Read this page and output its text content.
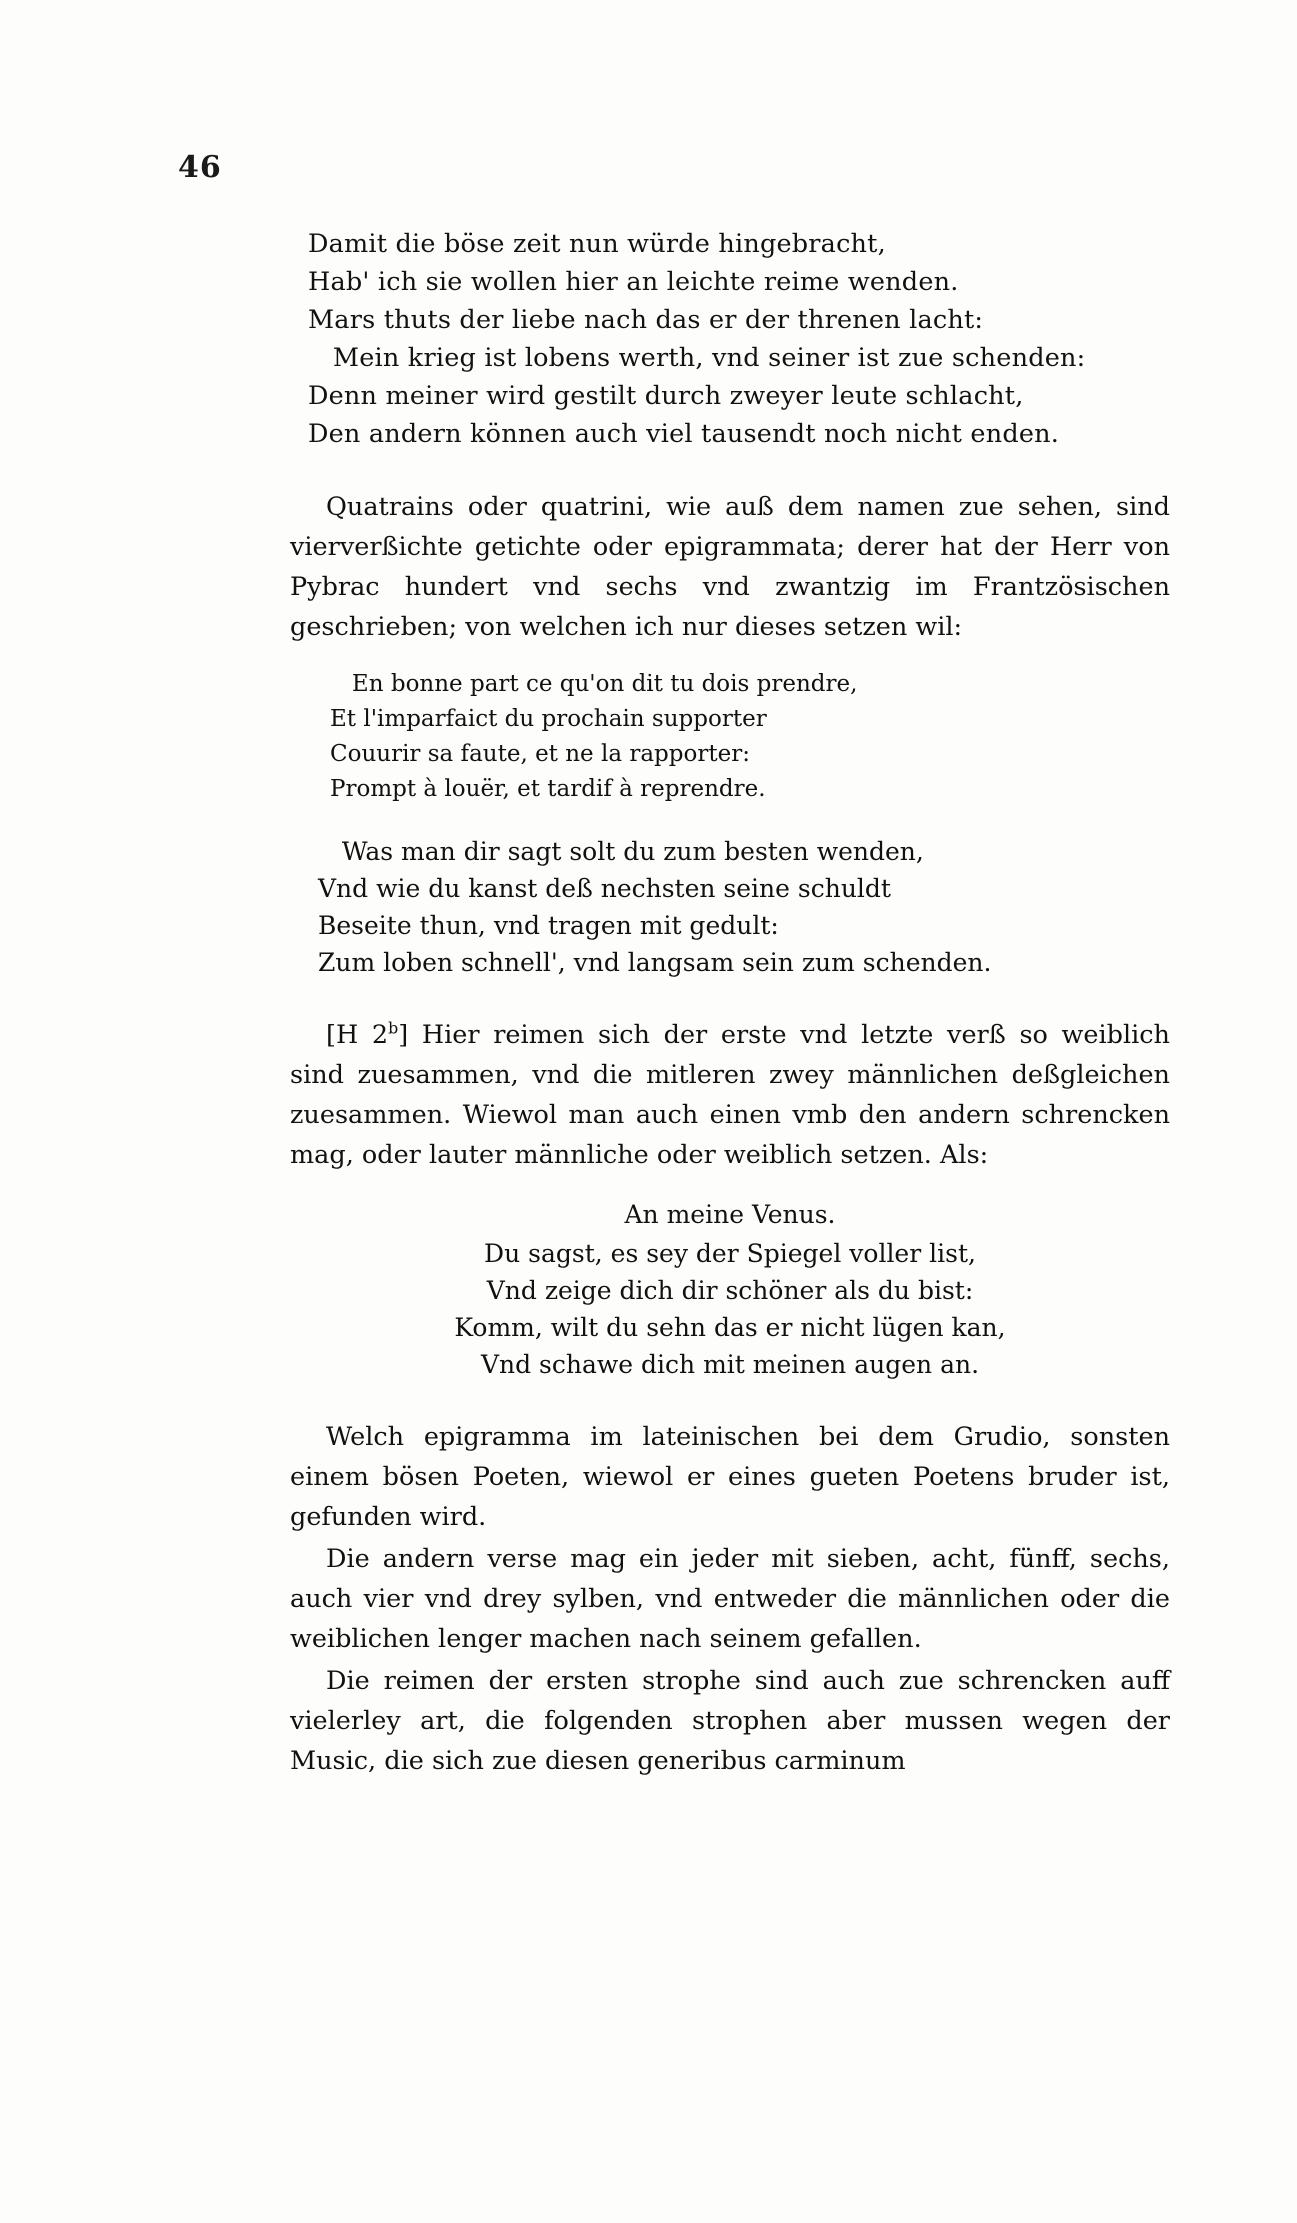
46
Damit die böse zeit nun würde hingebracht,
Hab' ich sie wollen hier an leichte reime wenden.
Mars thuts der liebe nach das er der threnen lacht:
Mein krieg ist lobens werth, vnd seiner ist zue schenden:
Denn meiner wird gestilt durch zweyer leute schlacht,
Den andern können auch viel tausendt noch nicht enden.

Quatrains oder quatrini, wie auß dem namen zue sehen, sind vierverßichte getichte oder epigrammata; derer hat der Herr von Pybrac hundert vnd sechs vnd zwantzig im Frantzösischen geschrieben; von welchen ich nur dieses setzen wil:

En bonne part ce qu'on dit tu dois prendre,
Et l'imparfaict du prochain supporter
Couurir sa faute, et ne la rapporter:
Prompt à louër, et tardif à reprendre.
Was man dir sagt solt du zum besten wenden,
Vnd wie du kanst deß nechsten seine schuldt
Beseite thun, vnd tragen mit gedult:
Zum loben schnell', vnd langsam sein zum schenden.

[H 2$^b$] Hier reimen sich der erste vnd letzte verß so weiblich sind zuesammen, vnd die mitleren zwey männlichen deßgleichen zuesammen. Wiewol man auch einen vmb den andern schrencken mag, oder lauter männliche oder weiblich setzen. Als:

An meine Venus.
Du sagst, es sey der Spiegel voller list,
Vnd zeige dich dir schöner als du bist:
Komm, wilt du sehn das er nicht lügen kan,
Vnd schawe dich mit meinen augen an.

Welch epigramma im lateinischen bei dem Grudio, sonsten einem bösen Poeten, wiewol er eines gueten Poetens bruder ist, gefunden wird.

Die andern verse mag ein jeder mit sieben, acht, fünff, sechs, auch vier vnd drey sylben, vnd entweder die männlichen oder die weiblichen lenger machen nach seinem gefallen.

Die reimen der ersten strophe sind auch zue schrencken auff vielerley art, die folgenden strophen aber mussen wegen der Music, die sich zue diesen generibus carminum
